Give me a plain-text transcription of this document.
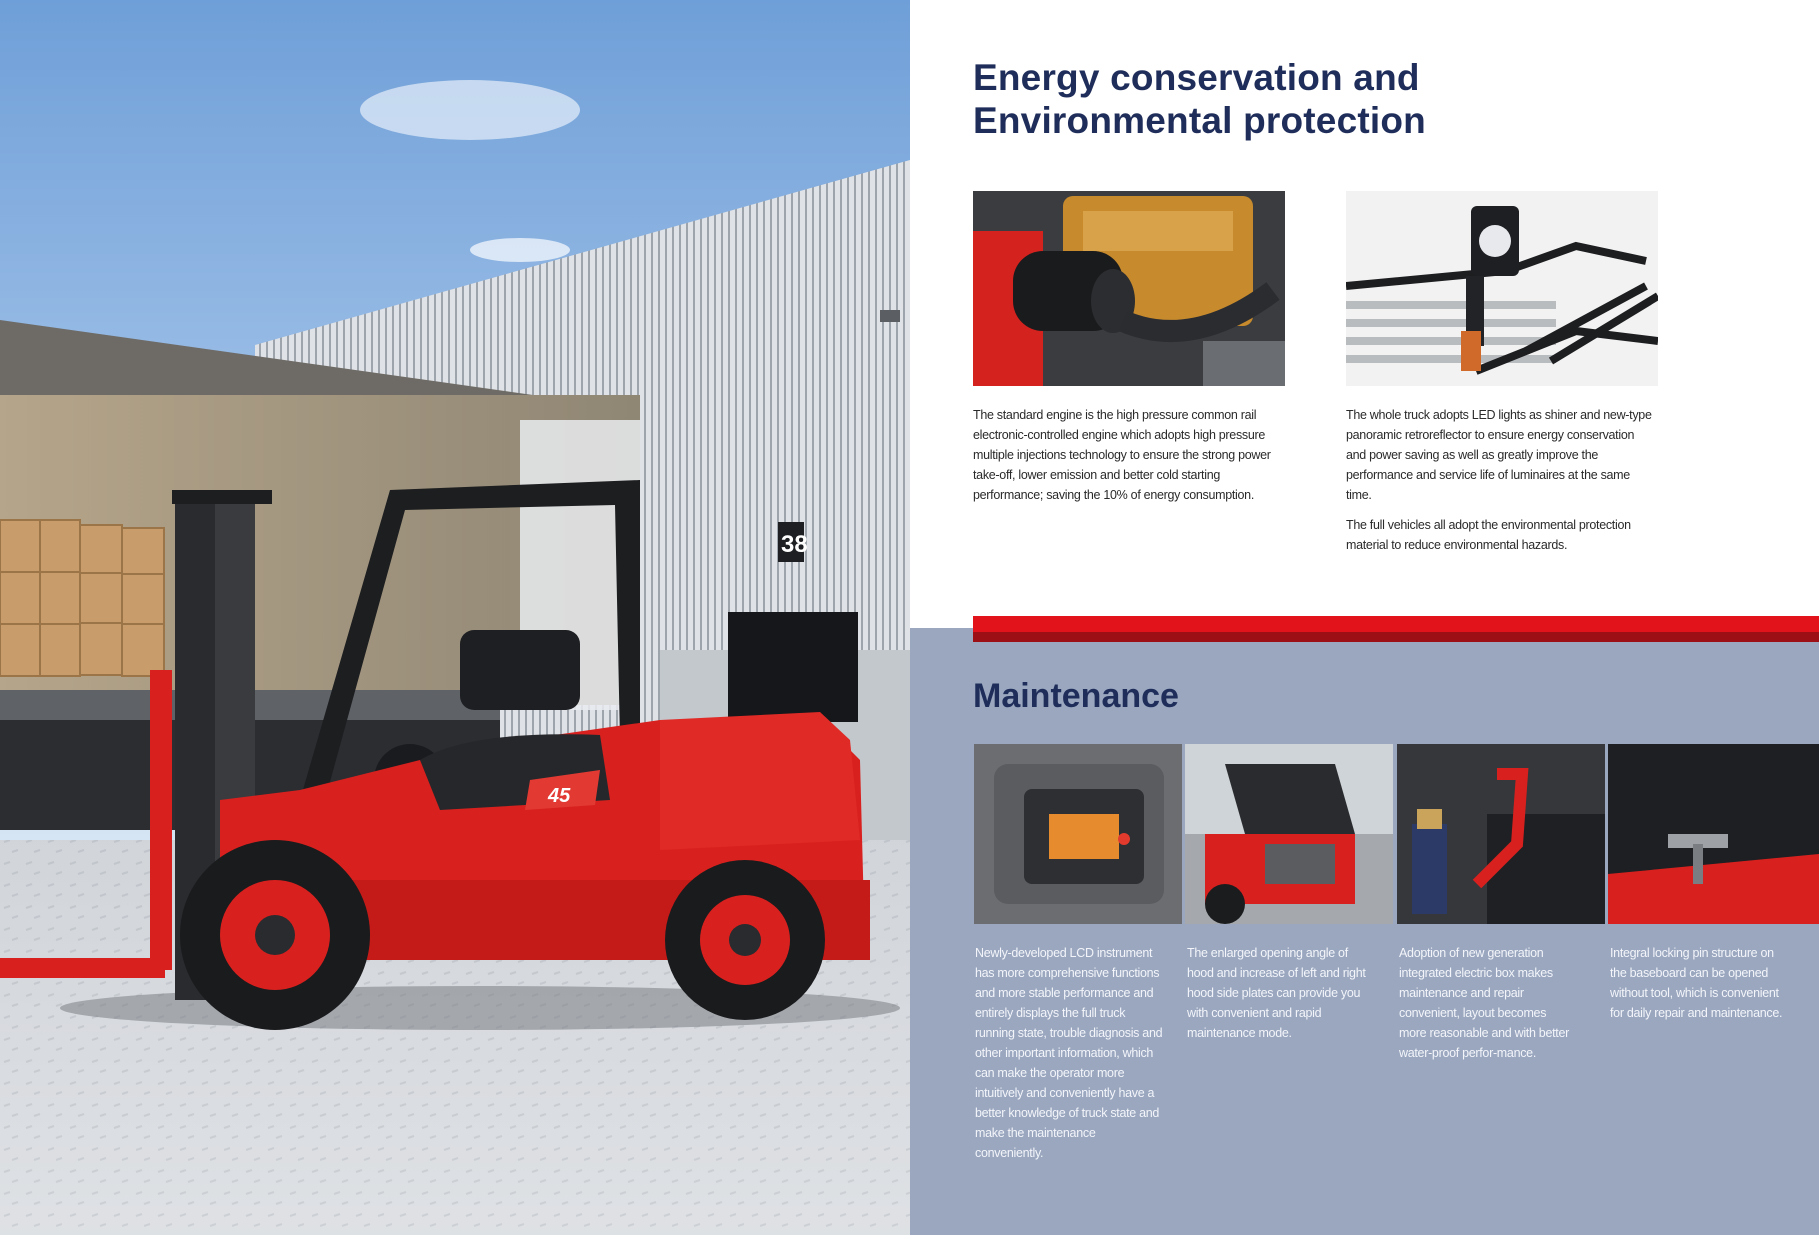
38
45
Energy conservation and
Environmental protection

The standard engine is the high pressure common rail electronic-controlled engine which adopts high pressure multiple injections technology to ensure the strong power take-off, lower emission and better cold starting performance; saving the 10% of energy consumption.

The whole truck adopts LED lights as shiner and new-type panoramic retroreflector to ensure energy conservation and power saving as well as greatly improve the performance and service life of luminaires at the same time.

The full vehicles all adopt the environmental protection material to reduce environmental hazards.

Maintenance
Newly-developed LCD instrument has more comprehensive functions and more stable performance and entirely displays the full truck running state, trouble diagnosis and other important information, which can make the operator more intuitively and conveniently have a better knowledge of truck state and make the maintenance conveniently.
The enlarged opening angle of hood and increase of left and right hood side plates can provide you with convenient and rapid maintenance mode.
Adoption of new generation integrated electric box makes maintenance and repair convenient, layout becomes more reasonable and with better water-proof perfor-mance.
Integral locking pin structure on the baseboard can be opened without tool, which is convenient for daily repair and maintenance.
